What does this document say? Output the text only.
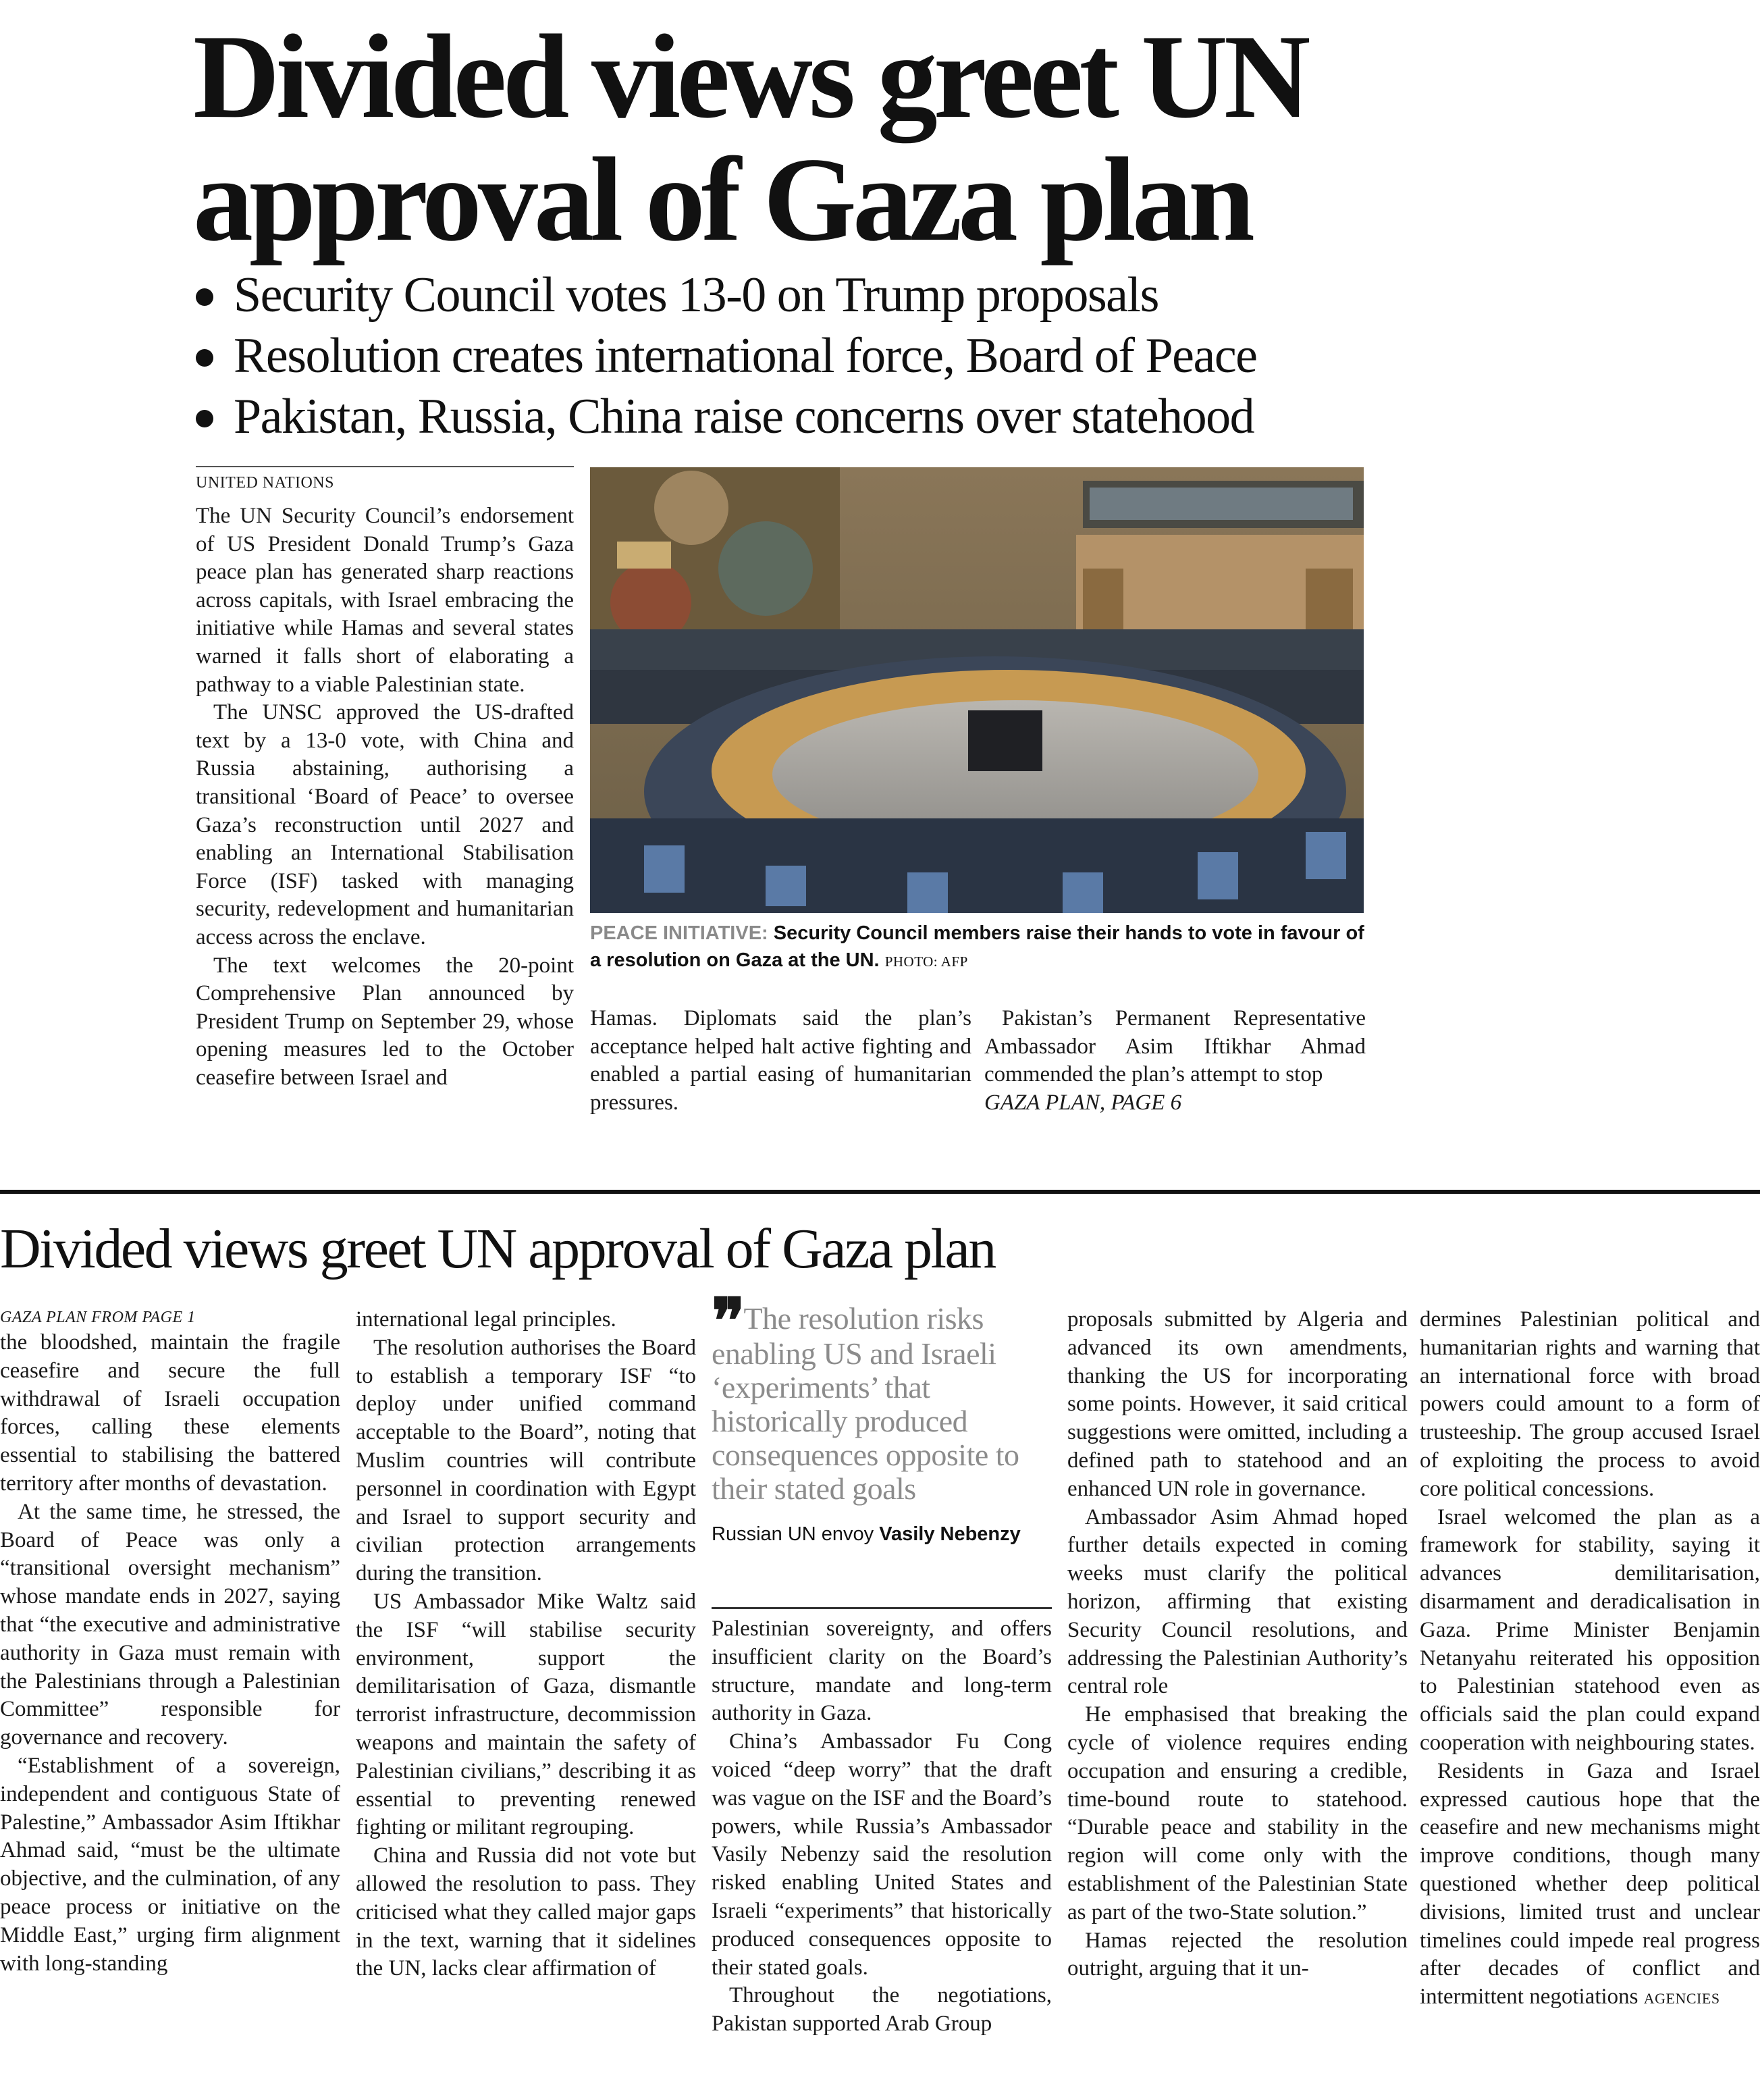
Divided views greet UN approval of Gaza plan
Security Council votes 13-0 on Trump proposals
Resolution creates international force, Board of Peace
Pakistan, Russia, China raise concerns over statehood
UNITED NATIONS

The UN Security Council’s endorsement of US President Donald Trump’s Gaza peace plan has generated sharp reactions across capitals, with Israel embracing the initiative while Hamas and several states warned it falls short of elaborating a pathway to a viable Palestinian state.

The UNSC approved the US-drafted text by a 13-0 vote, with China and Russia abstaining, authorising a transitional ‘Board of Peace’ to oversee Gaza’s reconstruction until 2027 and enabling an International Stabilisation Force (ISF) tasked with managing security, redevelopment and humanitarian access across the enclave.

The text welcomes the 20-point Comprehensive Plan announced by President Trump on September 29, whose opening measures led to the October ceasefire between Israel and

PEACE INITIATIVE: Security Council members raise their hands to vote in favour of a resolution on Gaza at the UN. PHOTO: AFP

Hamas. Diplomats said the plan’s acceptance helped halt active fighting and enabled a partial easing of humanitarian pressures.

Pakistan’s Permanent Representative Ambassador Asim Iftikhar Ahmad commended the plan’s attempt to stop

GAZA PLAN, PAGE 6

Divided views greet UN approval of Gaza plan
GAZA PLAN FROM PAGE 1

the bloodshed, maintain the fragile ceasefire and secure the full withdrawal of Israeli occupation forces, calling these elements essential to stabilising the battered territory after months of devastation.

At the same time, he stressed, the Board of Peace was only a “transitional oversight mechanism” whose mandate ends in 2027, saying that “the executive and administrative authority in Gaza must remain with the Palestinians through a Palestinian Committee” responsible for governance and recovery.

“Establishment of a sovereign, independent and contiguous State of Palestine,” Ambassador Asim Iftikhar Ahmad said, “must be the ultimate objective, and the culmination, of any peace process or initiative on the Middle East,” urging firm alignment with long-standing

international legal principles.

The resolution authorises the Board to establish a temporary ISF “to deploy under unified command acceptable to the Board”, noting that Muslim countries will contribute personnel in coordination with Egypt and Israel to support security and civilian protection arrangements during the transition.

US Ambassador Mike Waltz said the ISF “will stabilise security environment, support the demilitarisation of Gaza, dismantle terrorist infrastructure, decommission weapons and maintain the safety of Palestinian civilians,” describing it as essential to preventing renewed fighting or militant regrouping.

China and Russia did not vote but allowed the resolution to pass. They criticised what they called major gaps in the text, warning that it sidelines the UN, lacks clear affirmation of

❞ The resolution risks enabling US and Israeli ‘experiments’ that historically produced consequences opposite to their stated goals
Russian UN envoy Vasily Nebenzy

Palestinian sovereignty, and offers insufficient clarity on the Board’s structure, mandate and long-term authority in Gaza.

China’s Ambassador Fu Cong voiced “deep worry” that the draft was vague on the ISF and the Board’s powers, while Russia’s Ambassador Vasily Nebenzy said the resolution risked enabling United States and Israeli “experiments” that historically produced consequences opposite to their stated goals.

Throughout the negotiations, Pakistan supported Arab Group

proposals submitted by Algeria and advanced its own amendments, thanking the US for incorporating some points. However, it said critical suggestions were omitted, including a defined path to statehood and an enhanced UN role in governance.

Ambassador Asim Ahmad hoped further details expected in coming weeks must clarify the political horizon, affirming that existing Security Council resolutions, and addressing the Palestinian Authority’s central role

He emphasised that breaking the cycle of violence requires ending occupation and ensuring a credible, time-bound route to statehood. “Durable peace and stability in the region will come only with the establishment of the Palestinian State as part of the two-State solution.”

Hamas rejected the resolution outright, arguing that it un-

dermines Palestinian political and humanitarian rights and warning that an international force with broad powers could amount to a form of trusteeship. The group accused Israel of exploiting the process to avoid core political concessions.

Israel welcomed the plan as a framework for stability, saying it advances demilitarisation, disarmament and deradicalisation in Gaza. Prime Minister Benjamin Netanyahu reiterated his opposition to Palestinian statehood even as officials said the plan could expand cooperation with neighbouring states.

Residents in Gaza and Israel expressed cautious hope that the ceasefire and new mechanisms might improve conditions, though many questioned whether deep political divisions, limited trust and unclear timelines could impede real progress after decades of conflict and intermittent negotiations AGENCIES
